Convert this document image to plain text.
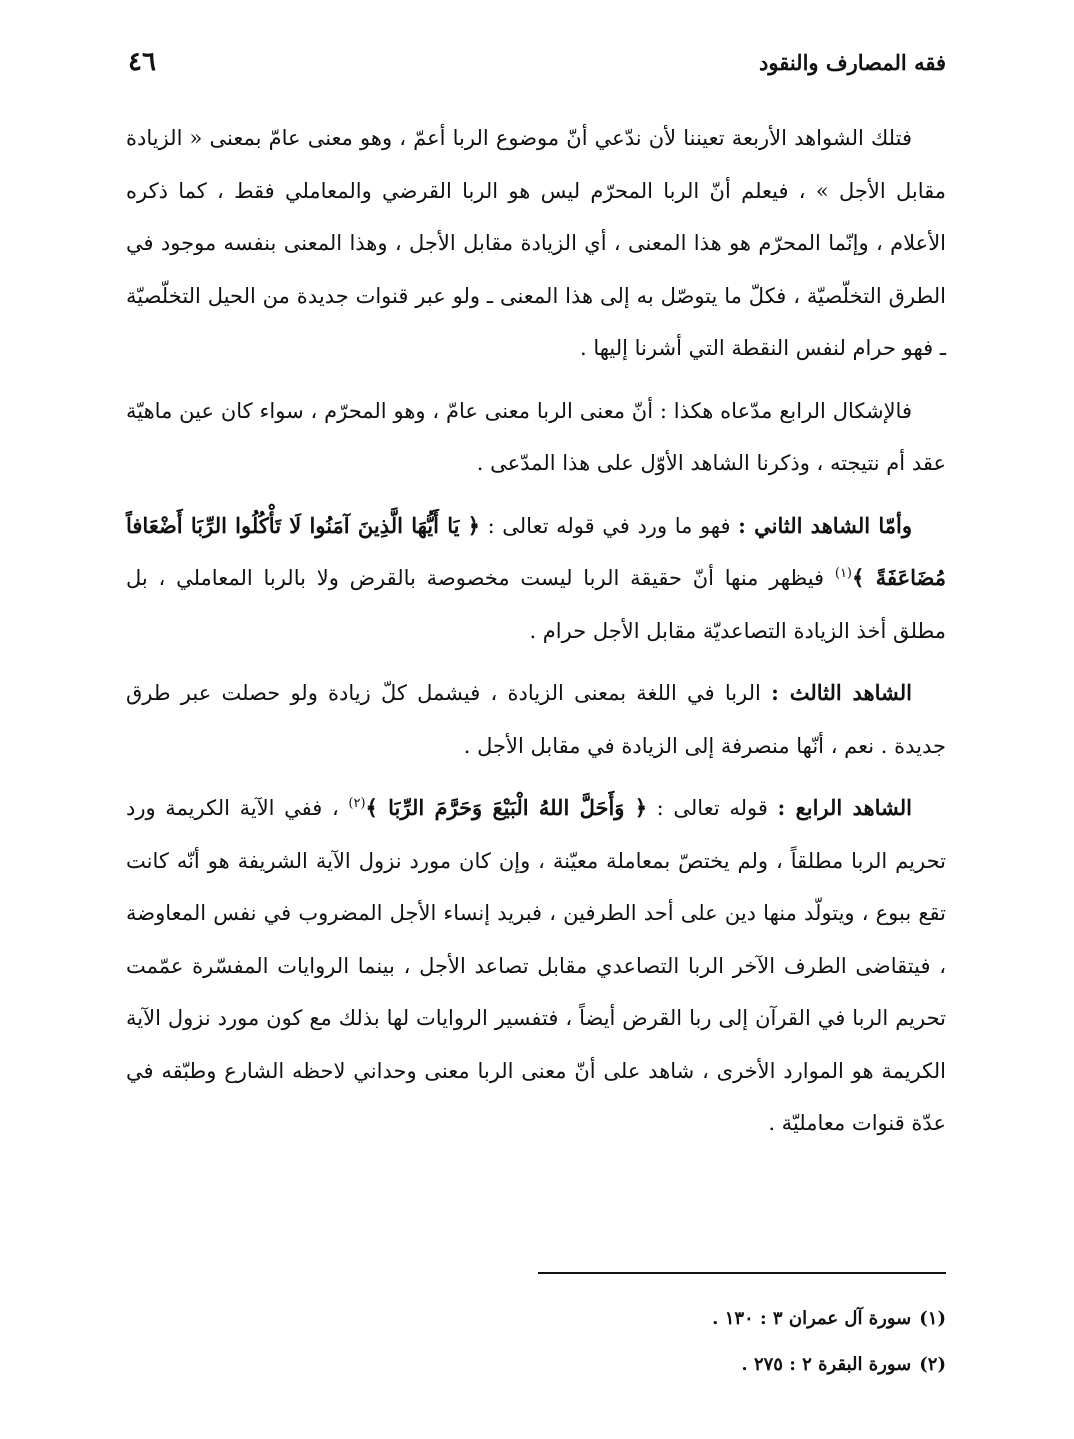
فقه المصارف والنقود
٤٦

فتلك الشواهد الأربعة تعيننا لأن ندّعي أنّ موضوع الربا أعمّ ، وهو معنى عامّ بمعنى « الزيادة مقابل الأجل » ، فيعلم أنّ الربا المحرّم ليس هو الربا القرضي والمعاملي فقط ، كما ذكره الأعلام ، وإنّما المحرّم هو هذا المعنى ، أي الزيادة مقابل الأجل ، وهذا المعنى بنفسه موجود في الطرق التخلّصيّة ، فكلّ ما يتوصّل به إلى هذا المعنى ـ ولو عبر قنوات جديدة من الحيل التخلّصيّة ـ فهو حرام لنفس النقطة التي أشرنا إليها .

فالإشكال الرابع مدّعاه هكذا : أنّ معنى الربا معنى عامّ ، وهو المحرّم ، سواء كان عين ماهيّة عقد أم نتيجته ، وذكرنا الشاهد الأوّل على هذا المدّعى .

وأمّا الشاهد الثاني : فهو ما ورد في قوله تعالى : ﴿ يَا أَيُّهَا الَّذِينَ آمَنُوا لَا تَأْكُلُوا الرِّبَا أَضْعَافاً مُضَاعَفَةً ﴾$^{(١)}$ فيظهر منها أنّ حقيقة الربا ليست مخصوصة بالقرض ولا بالربا المعاملي ، بل مطلق أخذ الزيادة التصاعديّة مقابل الأجل حرام .

الشاهد الثالث : الربا في اللغة بمعنى الزيادة ، فيشمل كلّ زيادة ولو حصلت عبر طرق جديدة . نعم ، أنّها منصرفة إلى الزيادة في مقابل الأجل .

الشاهد الرابع : قوله تعالى : ﴿ وَأَحَلَّ اللهُ الْبَيْعَ وَحَرَّمَ الرِّبَا ﴾$^{(٢)}$ ، ففي الآية الكريمة ورد تحريم الربا مطلقاً ، ولم يختصّ بمعاملة معيّنة ، وإن كان مورد نزول الآية الشريفة هو أنّه كانت تقع ببوع ، ويتولّد منها دين على أحد الطرفين ، فبريد إنساء الأجل المضروب في نفس المعاوضة ، فيتقاضى الطرف الآخر الربا التصاعدي مقابل تصاعد الأجل ، بينما الروايات المفسّرة عمّمت تحريم الربا في القرآن إلى ربا القرض أيضاً ، فتفسير الروايات لها بذلك مع كون مورد نزول الآية الكريمة هو الموارد الأخرى ، شاهد على أنّ معنى الربا معنى وحداني لاحظه الشارع وطبّقه في عدّة قنوات معامليّة .

(١)
سورة آل عمران ٣ : ١٣٠ .
(٢)
سورة البقرة ٢ : ٢٧٥ .
